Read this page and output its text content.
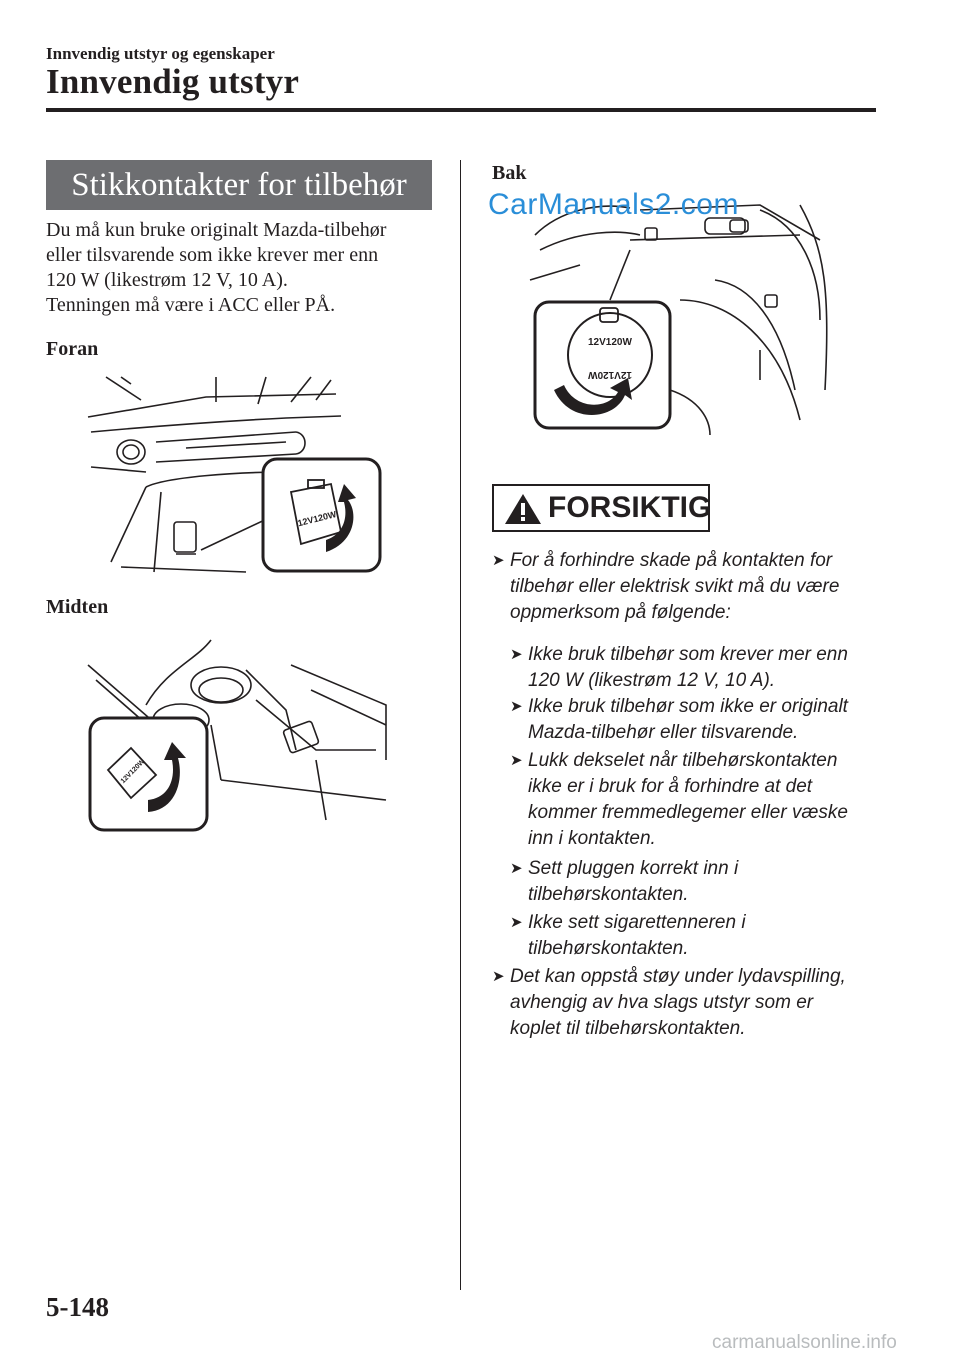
Innvendig utstyr og egenskaper
Innvendig utstyr
Stikkontakter for tilbehør

Du må kun bruke originalt Mazda-tilbehør

eller tilsvarende som ikke krever mer enn

120 W (likestrøm 12 V, 10 A).

Tenningen må være i ACC eller PÅ.

Foran
12V120W
Midten
12V120W
Bak
12V120W
12V120W
CarManuals2.com
FORSIKTIG
➤ For å forhindre skade på kontakten for
tilbehør eller elektrisk svikt må du være
oppmerksom på følgende:
➤ Ikke bruk tilbehør som krever mer enn
120 W (likestrøm 12 V, 10 A).
➤ Ikke bruk tilbehør som ikke er originalt
Mazda-tilbehør eller tilsvarende.
➤ Lukk dekselet når tilbehørskontakten
ikke er i bruk for å forhindre at det
kommer fremmedlegemer eller væske
inn i kontakten.
➤ Sett pluggen korrekt inn i
tilbehørskontakten.
➤ Ikke sett sigarettenneren i
tilbehørskontakten.
➤ Det kan oppstå støy under lydavspilling,
avhengig av hva slags utstyr som er
koplet til tilbehørskontakten.
5-148
carmanualsonline.info
